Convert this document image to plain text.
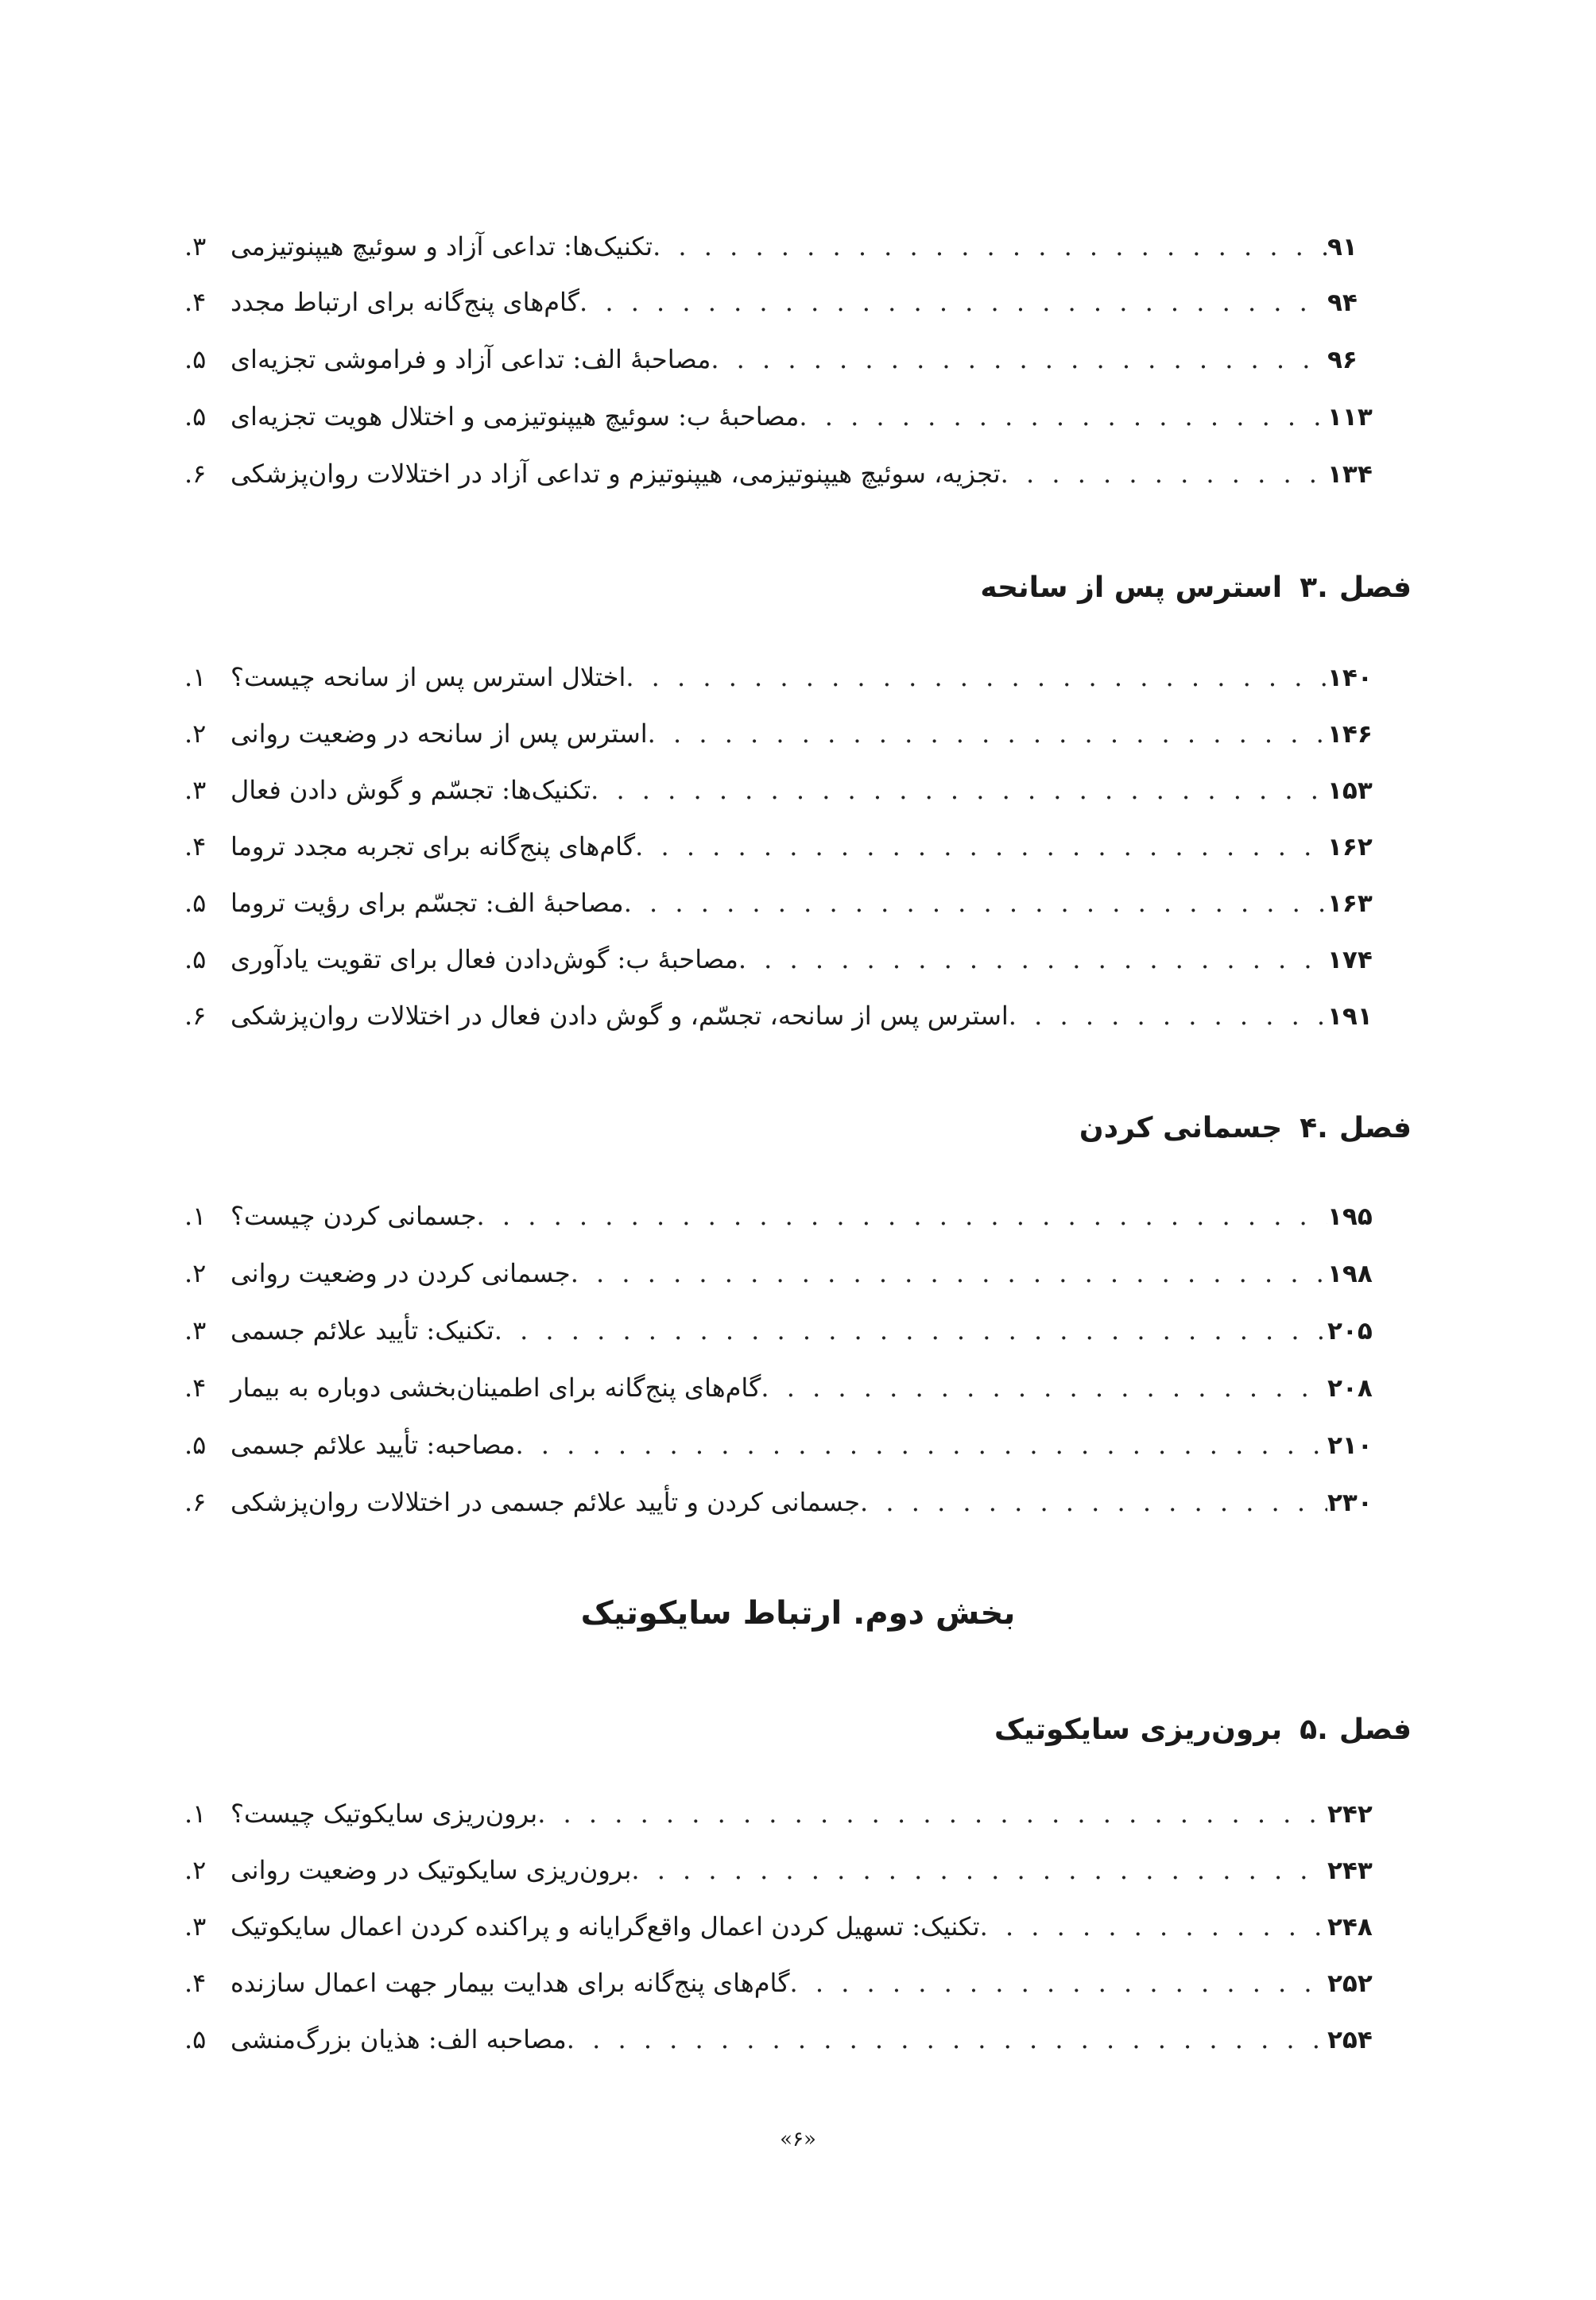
.۳ تکنیک‌ها: تداعی آزاد و سوئیچ هیپنوتیزمی . . .	۹۱
.۴ گام‌های پنج‌گانه برای ارتباط مجدد . . .	۹۴
.۵ مصاحبهٔ الف: تداعی آزاد و فراموشی تجزیه‌ای . . .	۹۶
.۵ مصاحبهٔ ب: سوئیچ هیپنوتیزمی و اختلال هویت تجزیه‌ای . . .	۱۱۳
.۶ تجزیه، سوئیچ هیپنوتیزمی، هیپنوتیزم و تداعی آزاد در اختلالات روان‌پزشکی . . .	۱۳۴
فصل.۳استرس پس از سانحه
.۱ اختلال استرس پس از سانحه چیست؟ . . .	۱۴۰
.۲ استرس پس از سانحه در وضعیت روانی . . .	۱۴۶
.۳ تکنیک‌ها: تجسّم و گوش دادن فعال . . .	۱۵۳
.۴ گام‌های پنج‌گانه برای تجربه مجدد تروما . . .	۱۶۲
.۵ مصاحبهٔ الف: تجسّم برای رؤیت تروما . . .	۱۶۳
.۵ مصاحبهٔ ب: گوش‌دادن فعال برای تقویت یادآوری . . .	۱۷۴
.۶ استرس پس از سانحه، تجسّم، و گوش دادن فعال در اختلالات روان‌پزشکی . . .	۱۹۱
فصل.۴جسمانی کردن
.۱ جسمانی کردن چیست؟ . . .	۱۹۵
.۲ جسمانی کردن در وضعیت روانی . . .	۱۹۸
.۳ تکنیک: تأیید علائم جسمی . . .	۲۰۵
.۴ گام‌های پنج‌گانه برای اطمینان‌بخشی دوباره به بیمار . . .	۲۰۸
.۵ مصاحبه: تأیید علائم جسمی . . .	۲۱۰
.۶ جسمانی کردن و تأیید علائم جسمی در اختلالات روان‌پزشکی . . .	۲۳۰
بخش دوم. ارتباط سایکوتیک
فصل.۵برون‌ریزی سایکوتیک
.۱ برون‌ریزی سایکوتیک چیست؟ . . .	۲۴۲
.۲ برون‌ریزی سایکوتیک در وضعیت روانی . . .	۲۴۳
.۳ تکنیک: تسهیل کردن اعمال واقع‌گرایانه و پراکنده کردن اعمال سایکوتیک . . .	۲۴۸
.۴ گام‌های پنج‌گانه برای هدایت بیمار جهت اعمال سازنده . . .	۲۵۲
.۵ مصاحبه الف: هذیان بزرگ‌منشی . . .	۲۵۴
«۶»
